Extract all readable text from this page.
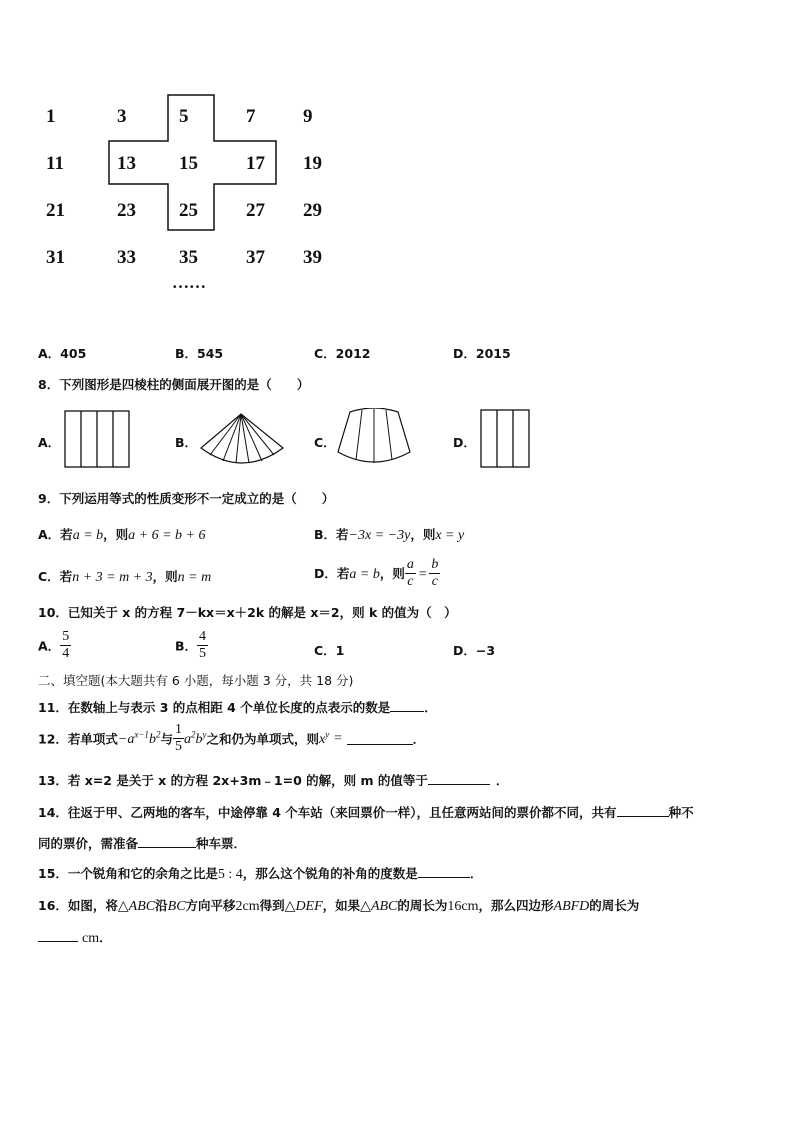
1	3	5	7	9
11	13 15	17 19
21	23 25	27 29
31	33 35	37 39
……
A．405	B．545	C．2012	D．2015
8．下列图形是四棱柱的侧面展开图的是（　　）
A．	B．	C．	D．
9．下列运用等式的性质变形不一定成立的是（　　）
A．若a = b，则a + 6 = b + 6	B．若−3x = −3y，则x = y
C．若n + 3 = m + 3，则n = m	D．若a = b，则 $\frac{a}{c} = \frac{b}{c}$
10．已知关于 x 的方程 7－kx＝x＋2k 的解是 x＝2，则 k 的值为（　）
A． $\frac{5}{4}$	B． $\frac{4}{5}$	C．1	D．−3
二、填空题(本大题共有 6 小题，每小题 3 分，共 18 分)
11．在数轴上与表示 3 的点相距 4 个单位长度的点表示的数是	．
12．若单项式$-a^{x-1}b^2$与 $\frac{1}{5} a^2b^y$之和仍为单项式，则$x^y$ =	．
13．若 x=2 是关于 x 的方程 2x+3m﹣1=0 的解，则 m 的值等于	．
14．往返于甲、乙两地的客车，中途停靠 4 个车站（来回票价一样），且任意两站间的票价都不同，共有	种不
同的票价，需准备	种车票．
15．一个锐角和它的余角之比是5 : 4，那么这个锐角的补角的度数是	．
16．如图，将△ABC沿BC方向平移2cm得到△DEF，如果△ABC的周长为16cm，那么四边形ABFD的周长为
cm．
